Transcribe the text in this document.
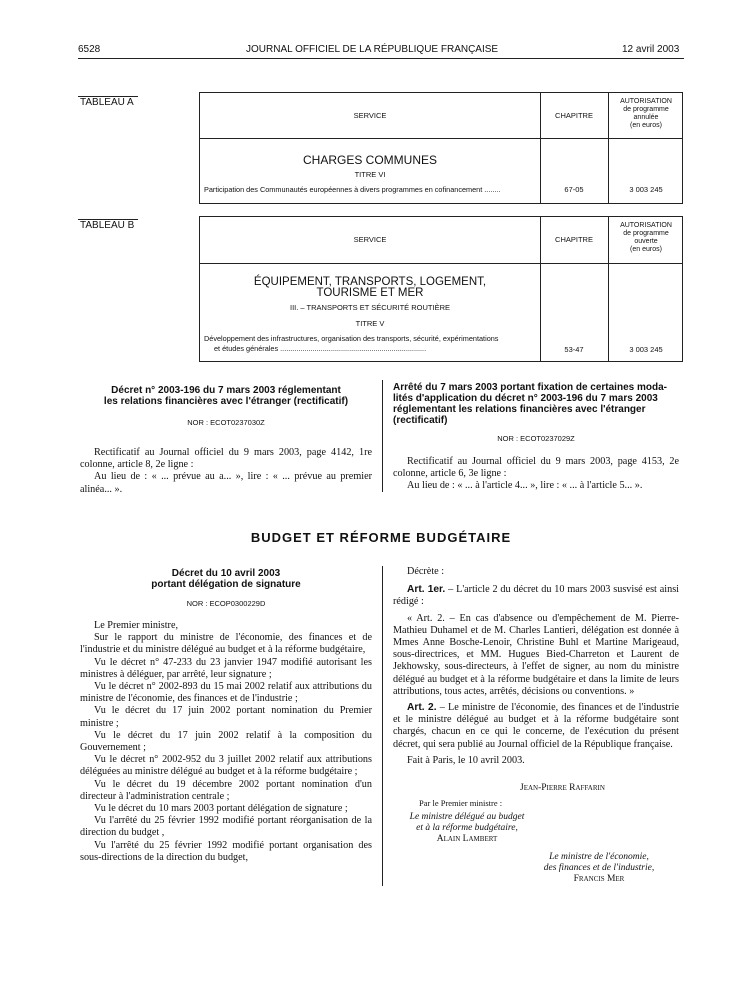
6528	JOURNAL OFFICIEL DE LA RÉPUBLIQUE FRANÇAISE	12 avril 2003
TABLEAU A
SERVICE	CHAPITRE
AUTORISATION
de programme
annulée
(en euros)
CHARGES COMMUNES
TITRE VI
Participation des Communautés européennes à divers programmes en cofinancement ........	67-05	3 003 245
TABLEAU B
SERVICE	CHAPITRE
AUTORISATION
de programme
ouverte
(en euros)
ÉQUIPEMENT, TRANSPORTS, LOGEMENT,
TOURISME ET MER
III. – TRANSPORTS ET SÉCURITÉ ROUTIÈRE
TITRE V
Développement des infrastructures, organisation des transports, sécurité, expérimentations
et études générales ........................................................................	53-47	3 003 245
Décret n° 2003-196 du 7 mars 2003 réglementant
les relations financières avec l'étranger (rectificatif)
NOR : ECOT0237030Z

Rectificatif au Journal officiel du 9 mars 2003, page 4142, 1re colonne, article 8, 2e ligne :

Au lieu de : « ... prévue au a... », lire : « ... prévue au premier alinéa... ».

Arrêté du 7 mars 2003 portant fixation de certaines moda-
lités d'application du décret n° 2003-196 du 7 mars 2003
réglementant les relations financières avec l'étranger
(rectificatif)
NOR : ECOT0237029Z

Rectificatif au Journal officiel du 9 mars 2003, page 4153, 2e colonne, article 6, 3e ligne :

Au lieu de : « ... à l'article 4... », lire : « ... à l'article 5... ».

BUDGET ET RÉFORME BUDGÉTAIRE
Décret du 10 avril 2003
portant délégation de signature
NOR : ECOP0300229D

Le Premier ministre,

Sur le rapport du ministre de l'économie, des finances et de l'industrie et du ministre délégué au budget et à la réforme budgétaire,

Vu le décret n° 47-233 du 23 janvier 1947 modifié autorisant les ministres à déléguer, par arrêté, leur signature ;

Vu le décret n° 2002-893 du 15 mai 2002 relatif aux attributions du ministre de l'économie, des finances et de l'industrie ;

Vu le décret du 17 juin 2002 portant nomination du Premier ministre ;

Vu le décret du 17 juin 2002 relatif à la composition du Gouvernement ;

Vu le décret n° 2002-952 du 3 juillet 2002 relatif aux attributions déléguées au ministre délégué au budget et à la réforme budgétaire ;

Vu le décret du 19 décembre 2002 portant nomination d'un directeur à l'administration centrale ;

Vu le décret du 10 mars 2003 portant délégation de signature ;

Vu l'arrêté du 25 février 1992 modifié portant réorganisation de la direction du budget ,

Vu l'arrêté du 25 février 1992 modifié portant organisation des sous-directions de la direction du budget,

Décrète :

Art. 1er. – L'article 2 du décret du 10 mars 2003 susvisé est ainsi rédigé :

« Art. 2. – En cas d'absence ou d'empêchement de M. Pierre-Mathieu Duhamel et de M. Charles Lantieri, délégation est donnée à Mmes Anne Bosche-Lenoir, Christine Buhl et Martine Marigeaud, sous-directrices, et MM. Hugues Bied-Charreton et Laurent de Jekhowsky, sous-directeurs, à l'effet de signer, au nom du ministre délégué au budget et à la réforme budgétaire et dans la limite de leurs attributions, tous actes, arrêtés, décisions ou conventions. »

Art. 2. – Le ministre de l'économie, des finances et de l'industrie et le ministre délégué au budget et à la réforme budgétaire sont chargés, chacun en ce qui le concerne, de l'exécution du présent décret, qui sera publié au Journal officiel de la République française.

Fait à Paris, le 10 avril 2003.

Jean-Pierre Raffarin
Par le Premier ministre :
Le ministre délégué au budget
et à la réforme budgétaire,
Alain Lambert
Le ministre de l'économie,
des finances et de l'industrie,
Francis Mer
